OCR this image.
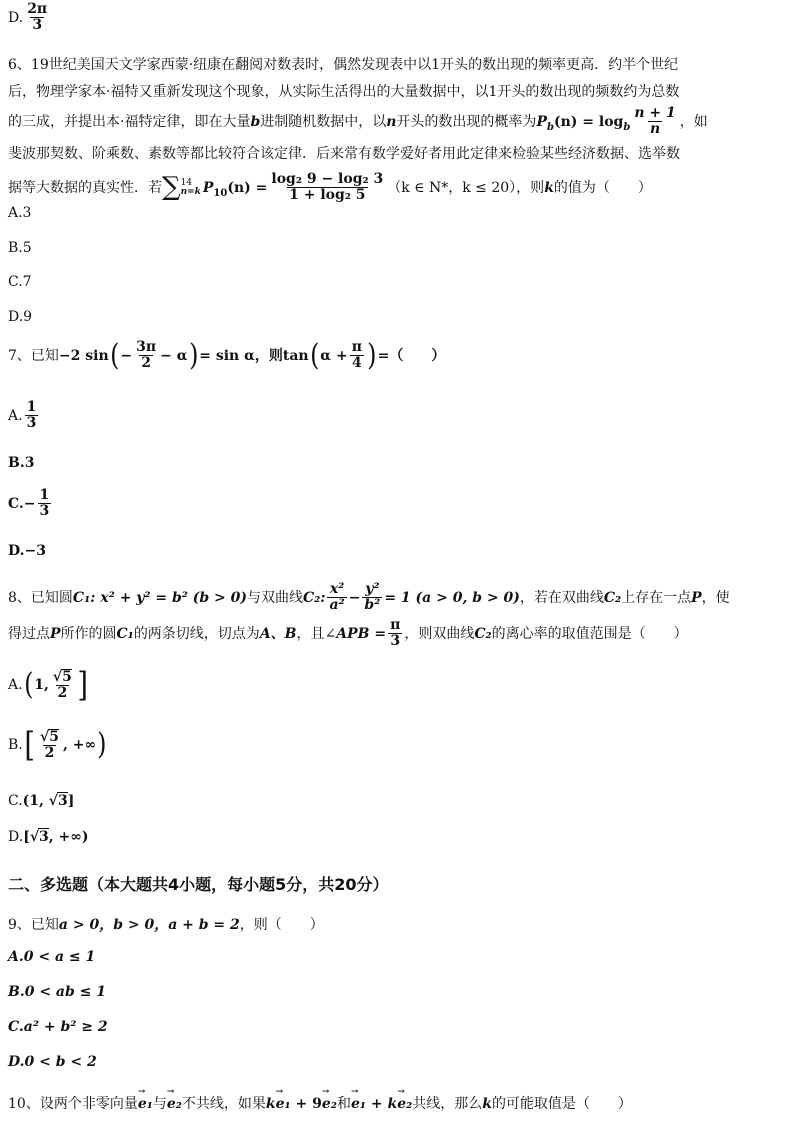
D. $\frac{2\pi}{3}$
6、19世纪美国天文学家西蒙·纽康在翻阅对数表时，偶然发现表中以1开头的数出现的频率更高．约半个世纪
后，物理学家本·福特又重新发现这个现象，从实际生活得出的大量数据中，以1开头的数出现的频数约为总数
的三成，并提出本·福特定律，即在大量b进制随机数据中，以n开头的数出现的概率为$P_b(n) = \log_b \frac{n + 1}{n}$ ，如
斐波那契数、阶乘数、素数等都比较符合该定律．后来常有数学爱好者用此定律来检验某些经济数据、选举数
据等大数据的真实性．若∑ 14
n=k $P_{10}(n) = \frac{\text{log₂ 9 − log₂ 3}}{\text{1 + log₂ 5}} (k$ ∈ N*，k ≤ 20），则k的值为（　　）
A.3
B.5
C.7
D.9
7、已知−2 $\sin(- \frac{3\pi}{2} - \alpha)= \sin \alpha$，则$\tan(\alpha + \frac{\pi}{4}$ )=（　　）
A. $\frac{1}{3}$
B.3
$C.- \frac{1}{3}$
D.−3
8、已知圆C₁: x² + y² = b² (b > 0)与双曲线C₂: $\frac{\text{x²}}{\text{a²}} - \frac{\text{y²}}{\text{b²}} = 1$ (a > 0, b > 0)，若在双曲线C₂上存在一点P，使
得过点P所作的圆C₁的两条切线，切点为A、B，且∠APB = $\frac{\pi}{3}$ ，则双曲线C₂的离心率的取值范围是（　　）
A.(1, $\frac{√5}{2}$ ]
$B.[ \frac{√5}{2}$ , +∞)
C.(1, √3]
D.[√3, +∞)
二、多选题（本大题共4小题，每小题5分，共20分）
9、已知a > 0，b > 0，a + b = 2，则（　　）
A.0 < a ≤ 1
B.0 < ab ≤ 1
C.a² + b² ≥ 2
D.0 < b < 2
10、设两个非零向量→ e₁与→ e₂不共线，如果k→ e₁ + 9→ e₂和→ e₁ + k→ e₂共线，那么k的可能取值是（　　）
